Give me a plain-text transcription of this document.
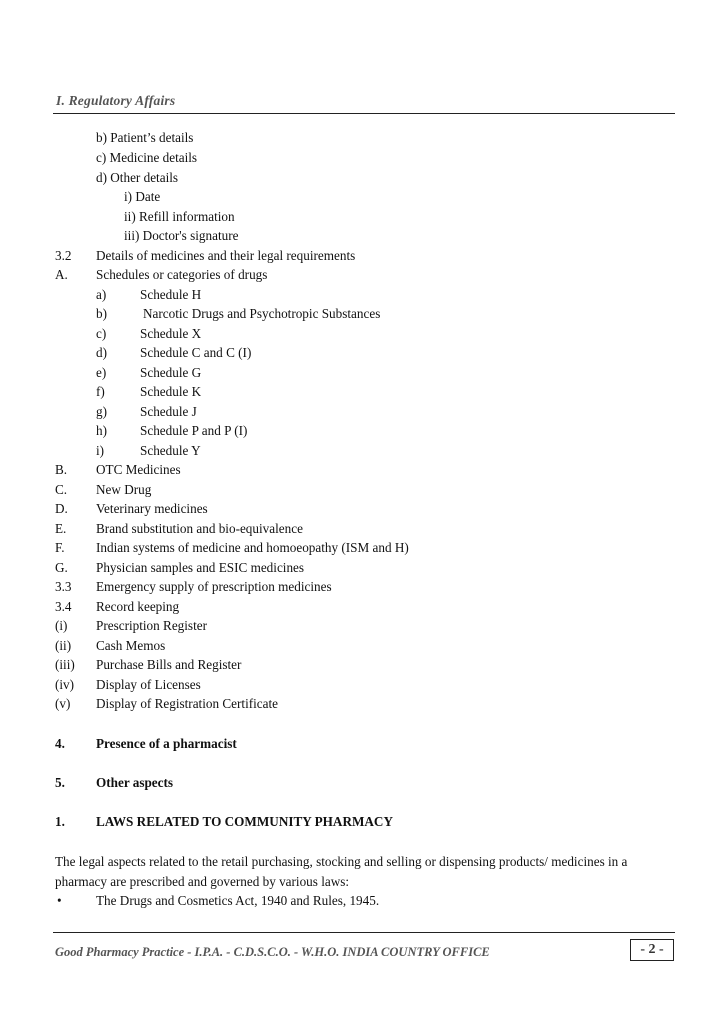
I. Regulatory Affairs
b) Patient’s details
c) Medicine details
d) Other details
i) Date
ii) Refill information
iii) Doctor's signature
3.2 Details of medicines and their legal requirements
A. Schedules or categories of drugs
a)	Schedule H
b)	Narcotic Drugs and Psychotropic Substances
c)	Schedule X
d)	Schedule C and C (I)
e)	Schedule G
f)	Schedule K
g)	Schedule J
h)	Schedule P and P (I)
i)	Schedule Y
B. OTC Medicines
C. New Drug
D. Veterinary medicines
E. Brand substitution and bio-equivalence
F. Indian systems of medicine and homoeopathy (ISM and H)
G. Physician samples and ESIC medicines
3.3 Emergency supply of prescription medicines
3.4 Record keeping
(i) Prescription Register
(ii) Cash Memos
(iii) Purchase Bills and Register
(iv) Display of Licenses
(v) Display of Registration Certificate
4. Presence of a pharmacist
5. Other aspects
1. LAWS RELATED TO COMMUNITY PHARMACY
The legal aspects related to the retail purchasing, stocking and selling or dispensing products/ medicines in a pharmacy are prescribed and governed by various laws:
•	The Drugs and Cosmetics Act, 1940 and Rules, 1945.
Good Pharmacy Practice - I.P.A. - C.D.S.C.O. - W.H.O. INDIA COUNTRY OFFICE	- 2 -
